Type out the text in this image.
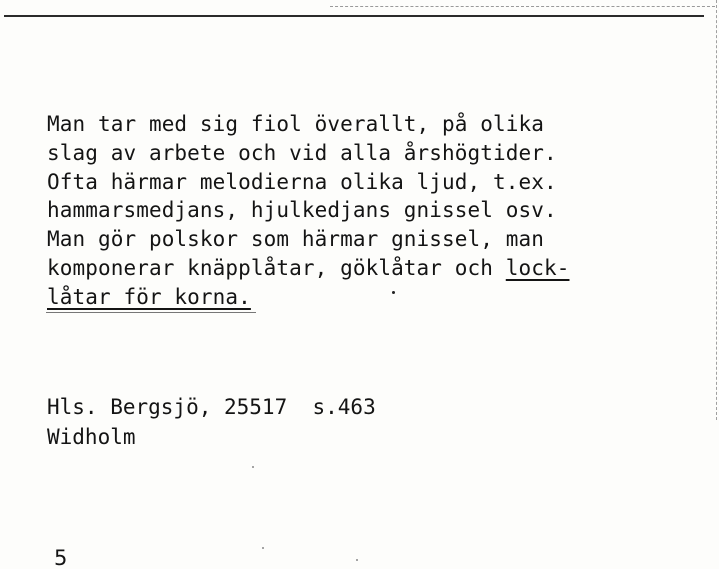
Man tar med sig fiol överallt, på olika
slag av arbete och vid alla årshögtider.
Ofta härmar melodierna olika ljud, t.ex.
hammarsmedjans, hjulkedjans gnissel osv.
Man gör polskor som härmar gnissel, man
komponerar knäpplåtar, göklåtar och lock-
låtar för korna.
Hls. Bergsjö, 25517  s.463
Widholm
5
